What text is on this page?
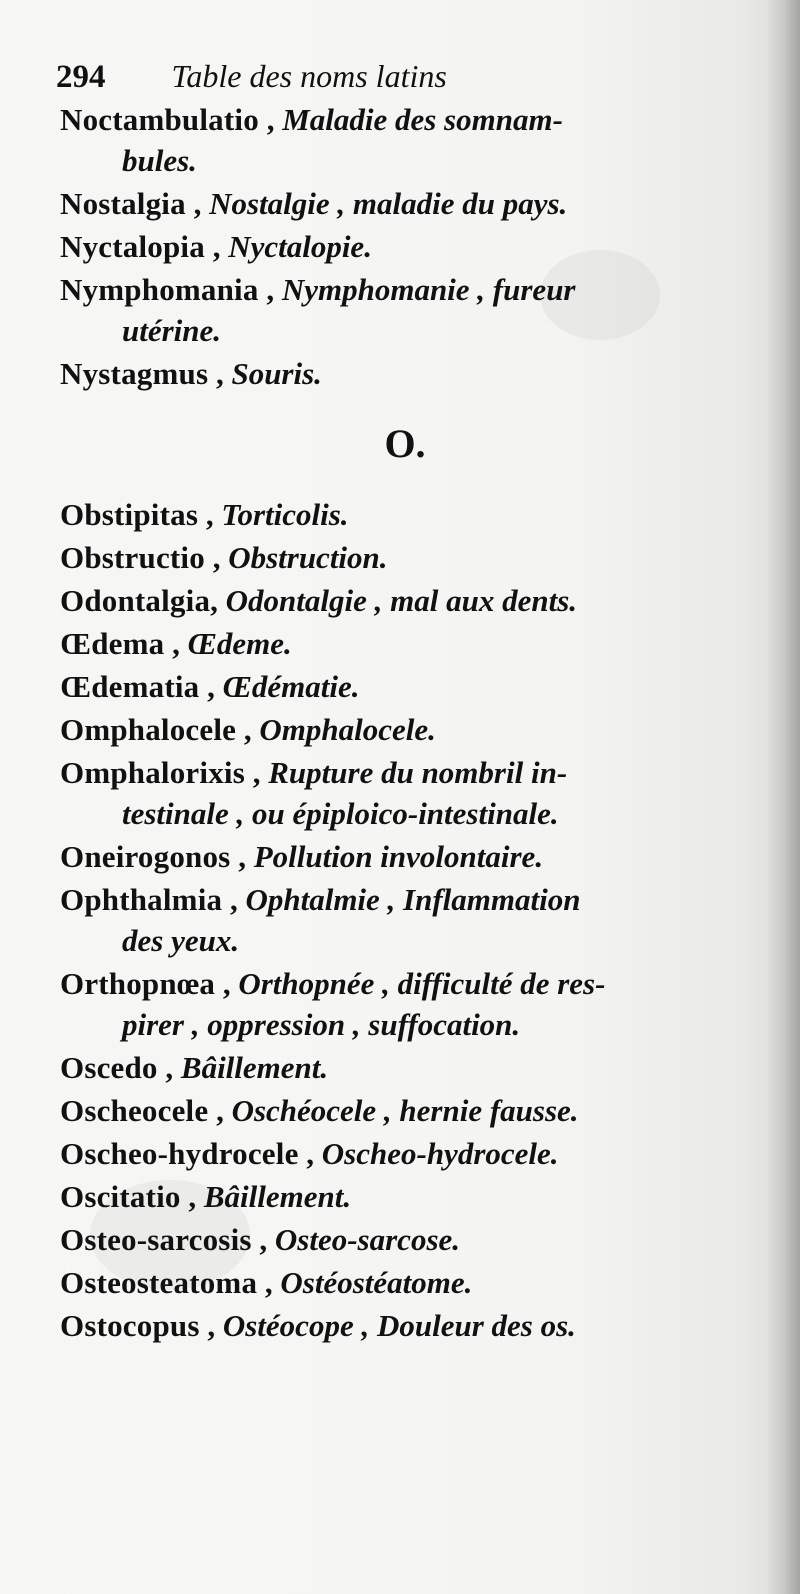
294 Table des noms latins
Noctambulatio , Maladie des somnam-
bules.
Nostalgia , Nostalgie , maladie du pays.
Nyctalopia , Nyctalopie.
Nymphomania , Nymphomanie , fureur
utérine.
Nystagmus , Souris.
O.
Obstipitas , Torticolis.
Obstructio , Obstruction.
Odontalgia, Odontalgie , mal aux dents.
Œdema , Œdeme.
Œdematia , Œdématie.
Omphalocele , Omphalocele.
Omphalorixis , Rupture du nombril in-
testinale , ou épiploico-intestinale.
Oneirogonos , Pollution involontaire.
Ophthalmia , Ophtalmie , Inflammation
des yeux.
Orthopnœa , Orthopnée , difficulté de res-
pirer , oppression , suffocation.
Oscedo , Bâillement.
Oscheocele , Oschéocele , hernie fausse.
Oscheo-hydrocele , Oscheo-hydrocele.
Oscitatio , Bâillement.
Osteo-sarcosis , Osteo-sarcose.
Osteosteatoma , Ostéostéatome.
Ostocopus , Ostéocope , Douleur des os.
